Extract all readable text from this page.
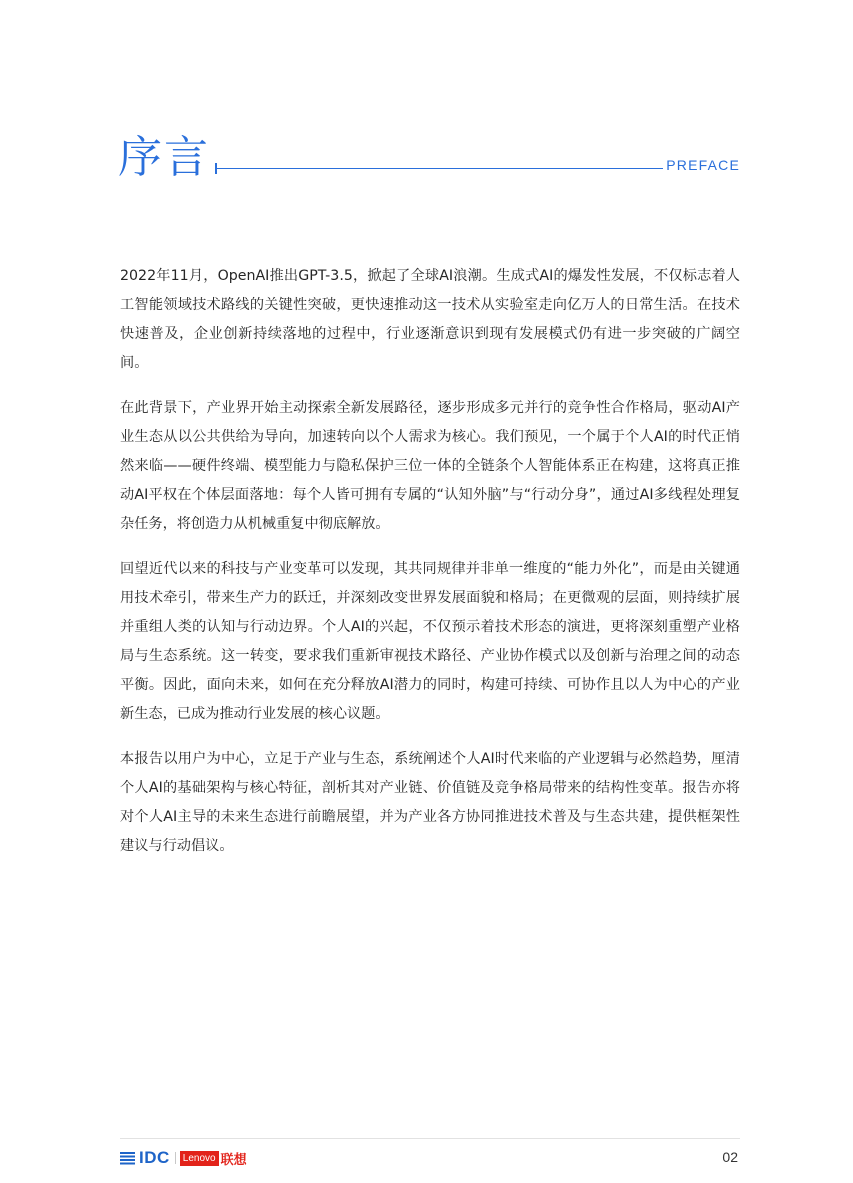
序言	PREFACE

2022年11月，OpenAI推出GPT-3.5，掀起了全球AI浪潮。生成式AI的爆发性发展，不仅标志着人工智能领域技术路线的关键性突破，更快速推动这一技术从实验室走向亿万人的日常生活。在技术快速普及，企业创新持续落地的过程中，行业逐渐意识到现有发展模式仍有进一步突破的广阔空间。

在此背景下，产业界开始主动探索全新发展路径，逐步形成多元并行的竞争性合作格局，驱动AI产业生态从以公共供给为导向，加速转向以个人需求为核心。我们预见，一个属于个人AI的时代正悄然来临——硬件终端、模型能力与隐私保护三位一体的全链条个人智能体系正在构建，这将真正推动AI平权在个体层面落地：每个人皆可拥有专属的“认知外脑”与“行动分身”，通过AI多线程处理复杂任务，将创造力从机械重复中彻底解放。

回望近代以来的科技与产业变革可以发现，其共同规律并非单一维度的“能力外化”，而是由关键通用技术牵引，带来生产力的跃迁，并深刻改变世界发展面貌和格局；在更微观的层面，则持续扩展并重组人类的认知与行动边界。个人AI的兴起，不仅预示着技术形态的演进，更将深刻重塑产业格局与生态系统。这一转变，要求我们重新审视技术路径、产业协作模式以及创新与治理之间的动态平衡。因此，面向未来，如何在充分释放AI潜力的同时，构建可持续、可协作且以人为中心的产业新生态，已成为推动行业发展的核心议题。

本报告以用户为中心，立足于产业与生态，系统阐述个人AI时代来临的产业逻辑与必然趋势，厘清个人AI的基础架构与核心特征，剖析其对产业链、价值链及竞争格局带来的结构性变革。报告亦将对个人AI主导的未来生态进行前瞻展望，并为产业各方协同推进技术普及与生态共建，提供框架性建议与行动倡议。

IDC	Lenovo 联想	02
